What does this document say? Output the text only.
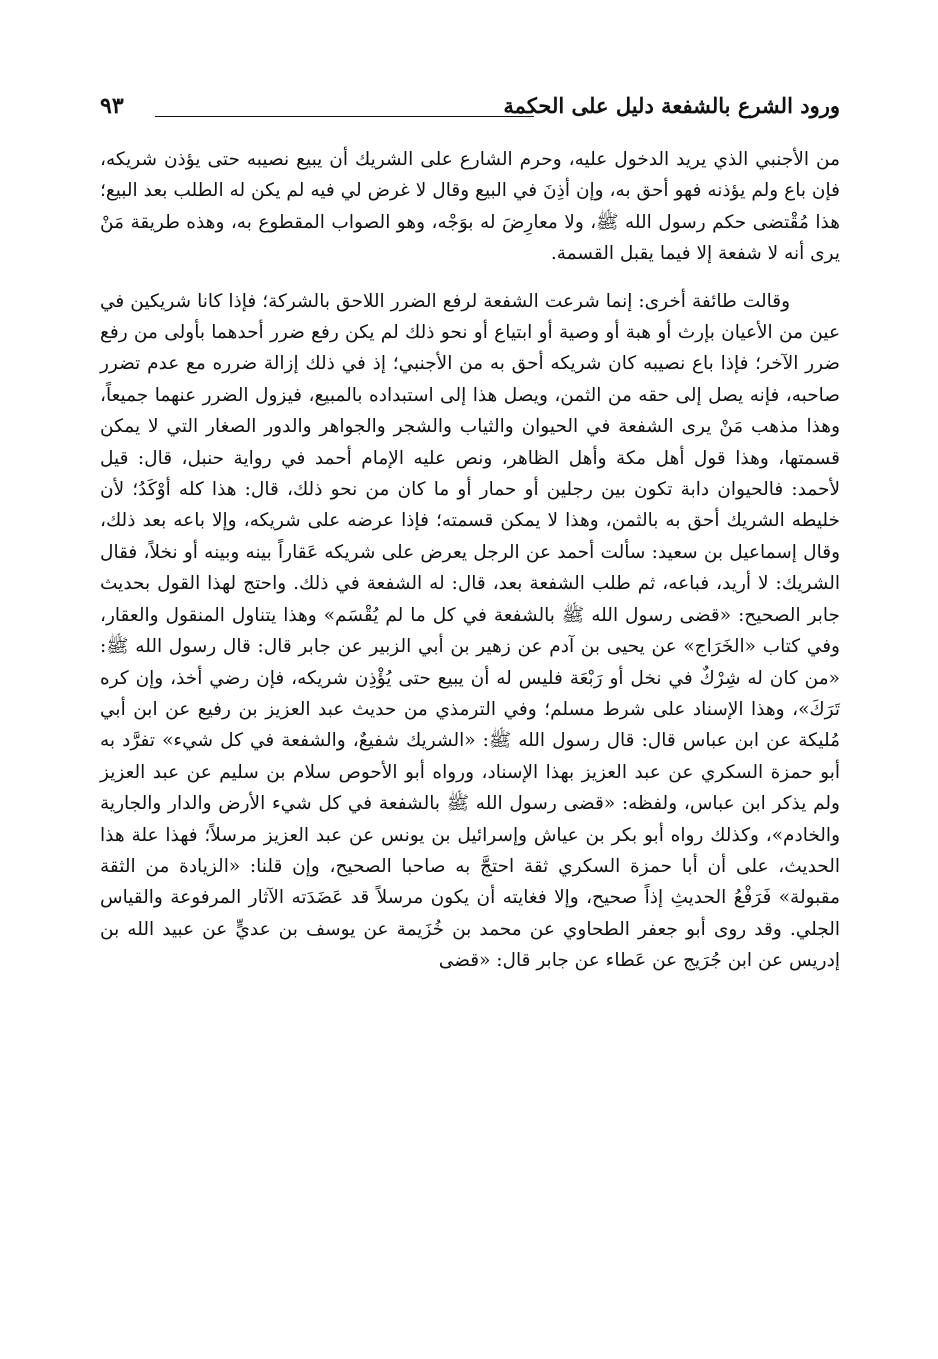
ورود الشرع بالشفعة دليل على الحكمة
٩٣

من الأجنبي الذي يريد الدخول عليه، وحرم الشارع على الشريك أن يبيع نصيبه حتى يؤذن شريكه، فإن باع ولم يؤذنه فهو أحق به، وإن أذِنَ في البيع وقال لا غرض لي فيه لم يكن له الطلب بعد البيع؛ هذا مُقْتضى حكم رسول الله ﷺ، ولا معارِضَ له بوَجْه، وهو الصواب المقطوع به، وهذه طريقة مَنْ يرى أنه لا شفعة إلا فيما يقبل القسمة.

وقالت طائفة أخرى: إنما شرعت الشفعة لرفع الضرر اللاحق بالشركة؛ فإذا كانا شريكين في عين من الأعيان بإرث أو هبة أو وصية أو ابتياع أو نحو ذلك لم يكن رفع ضرر أحدهما بأولى من رفع ضرر الآخر؛ فإذا باع نصيبه كان شريكه أحق به من الأجنبي؛ إذ في ذلك إزالة ضرره مع عدم تضرر صاحبه، فإنه يصل إلى حقه من الثمن، ويصل هذا إلى استبداده بالمبيع، فيزول الضرر عنهما جميعاً، وهذا مذهب مَنْ يرى الشفعة في الحيوان والثياب والشجر والجواهر والدور الصغار التي لا يمكن قسمتها، وهذا قول أهل مكة وأهل الظاهر، ونص عليه الإمام أحمد في رواية حنبل، قال: قيل لأحمد: فالحيوان دابة تكون بين رجلين أو حمار أو ما كان من نحو ذلك، قال: هذا كله أوْكَدُ؛ لأن خليطه الشريك أحق به بالثمن، وهذا لا يمكن قسمته؛ فإذا عرضه على شريكه، وإلا باعه بعد ذلك، وقال إسماعيل بن سعيد: سألت أحمد عن الرجل يعرض على شريكه عَقاراً بينه وبينه أو نخلاً، فقال الشريك: لا أريد، فباعه، ثم طلب الشفعة بعد، قال: له الشفعة في ذلك. واحتج لهذا القول بحديث جابر الصحيح: «قضى رسول الله ﷺ بالشفعة في كل ما لم يُقْسَم» وهذا يتناول المنقول والعقار، وفي كتاب «الخَرَاج» عن يحيى بن آدم عن زهير بن أبي الزبير عن جابر قال: قال رسول الله ﷺ: «من كان له شِرْكٌ في نخل أو رَبْعَة فليس له أن يبيع حتى يُؤْذِن شريكه، فإن رضي أخذ، وإن كره تَرَكَ»، وهذا الإسناد على شرط مسلم؛ وفي الترمذي من حديث عبد العزيز بن رفيع عن ابن أبي مُليكة عن ابن عباس قال: قال رسول الله ﷺ: «الشريك شفيعٌ، والشفعة في كل شيء» تفرَّد به أبو حمزة السكري عن عبد العزيز بهذا الإسناد، ورواه أبو الأحوص سلام بن سليم عن عبد العزيز ولم يذكر ابن عباس، ولفظه: «قضى رسول الله ﷺ بالشفعة في كل شيء الأرض والدار والجارية والخادم»، وكذلك رواه أبو بكر بن عياش وإسرائيل بن يونس عن عبد العزيز مرسلاً؛ فهذا علة هذا الحديث، على أن أبا حمزة السكري ثقة احتجَّ به صاحبا الصحيح، وإن قلنا: «الزيادة من الثقة مقبولة» فَرَفْعُ الحديثِ إذاً صحيح، وإلا فغايته أن يكون مرسلاً قد عَضَدَته الآثار المرفوعة والقياس الجلي. وقد روى أبو جعفر الطحاوي عن محمد بن خُزَيمة عن يوسف بن عديٍّ عن عبيد الله بن إدريس عن ابن جُرَيج عن عَطاء عن جابر قال: «قضى
